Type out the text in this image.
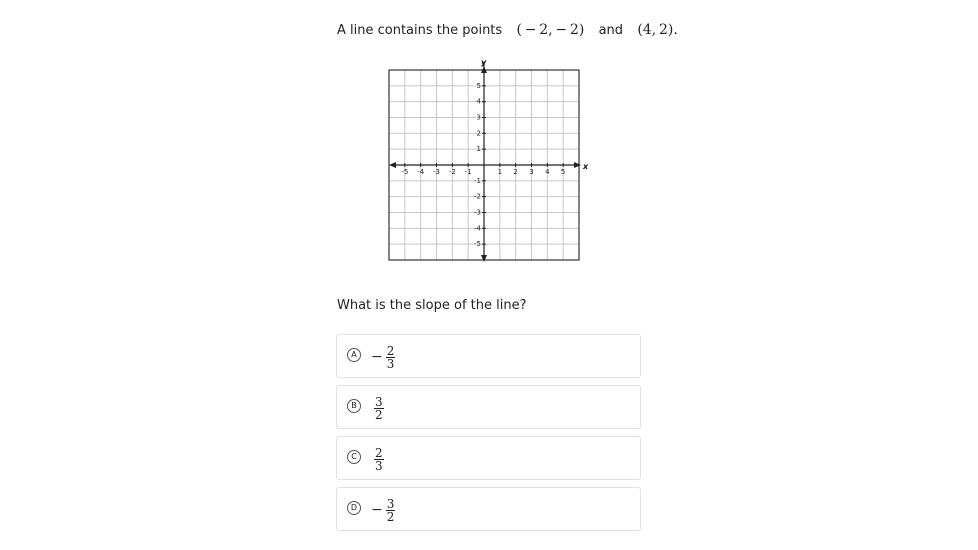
A line contains the points ( − 2, − 2) and (4, 2).
x
y
-5 -4 -3 -2 -1	1 2 3 4 5
5
4
3
2
1
-1
-2
-3
-4
-5
What is the slope of the line?
A	− $\frac{2}{3}$
B	$\frac{3}{2}$
C	$\frac{2}{3}$
$D - \frac{3}{2}$
